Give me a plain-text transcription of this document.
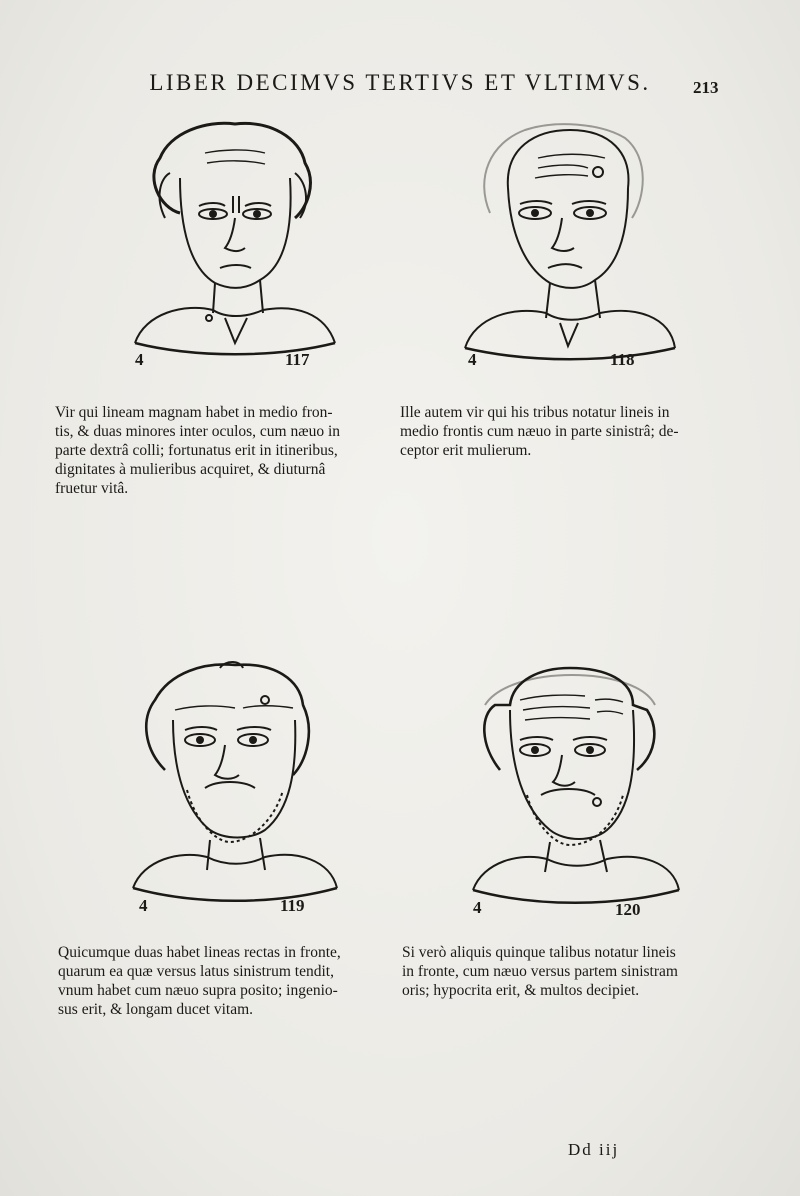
LIBER DECIMVS TERTIVS ET VLTIMVS.	213
4	117	4	118
Vir qui lineam magnam habet in medio fron-
tis, & duas minores inter oculos, cum næuo in
parte dextrâ colli; fortunatus erit in itineribus,
dignitates à mulieribus acquiret, & diuturnâ
fruetur vitâ.
Ille autem vir qui his tribus notatur lineis in
medio frontis cum næuo in parte sinistrâ; de-
ceptor erit mulierum.
4	119	4	120
Quicumque duas habet lineas rectas in fronte,
quarum ea quæ versus latus sinistrum tendit,
vnum habet cum næuo supra posito; ingenio-
sus erit, & longam ducet vitam.
Si verò aliquis quinque talibus notatur lineis
in fronte, cum næuo versus partem sinistram
oris; hypocrita erit, & multos decipiet.
Dd iij
